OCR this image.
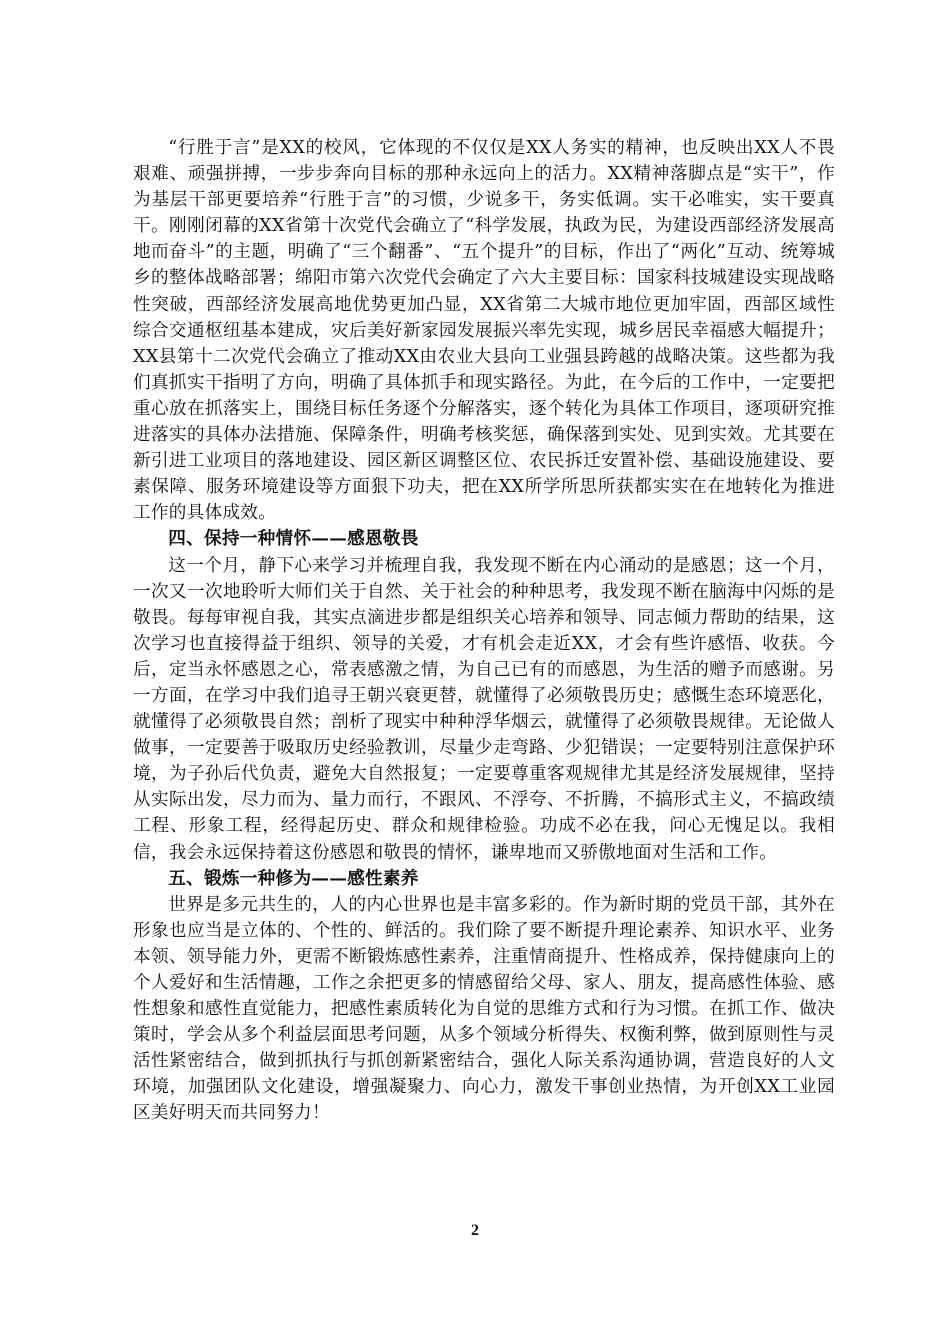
“行胜于言”是XX的校风，它体现的不仅仅是XX人务实的精神，也反映出XX人不畏艰难、顽强拼搏，一步步奔向目标的那种永远向上的活力。XX精神落脚点是“实干”，作为基层干部更要培养“行胜于言”的习惯，少说多干，务实低调。实干必唯实，实干要真干。刚刚闭幕的XX省第十次党代会确立了“科学发展，执政为民，为建设西部经济发展高地而奋斗”的主题，明确了“三个翻番”、“五个提升”的目标，作出了“两化”互动、统筹城乡的整体战略部署；绵阳市第六次党代会确定了六大主要目标：国家科技城建设实现战略性突破，西部经济发展高地优势更加凸显，XX省第二大城市地位更加牢固，西部区域性综合交通枢纽基本建成，灾后美好新家园发展振兴率先实现，城乡居民幸福感大幅提升；XX县第十二次党代会确立了推动XX由农业大县向工业强县跨越的战略决策。这些都为我们真抓实干指明了方向，明确了具体抓手和现实路径。为此，在今后的工作中，一定要把重心放在抓落实上，围绕目标任务逐个分解落实，逐个转化为具体工作项目，逐项研究推进落实的具体办法措施、保障条件，明确考核奖惩，确保落到实处、见到实效。尤其要在新引进工业项目的落地建设、园区新区调整区位、农民拆迁安置补偿、基础设施建设、要素保障、服务环境建设等方面狠下功夫，把在XX所学所思所获都实实在在地转化为推进工作的具体成效。

四、保持一种情怀——感恩敬畏

这一个月，静下心来学习并梳理自我，我发现不断在内心涌动的是感恩；这一个月，一次又一次地聆听大师们关于自然、关于社会的种种思考，我发现不断在脑海中闪烁的是敬畏。每每审视自我，其实点滴进步都是组织关心培养和领导、同志倾力帮助的结果，这次学习也直接得益于组织、领导的关爱，才有机会走近XX，才会有些许感悟、收获。今后，定当永怀感恩之心，常表感激之情，为自己已有的而感恩，为生活的赠予而感谢。另一方面，在学习中我们追寻王朝兴衰更替，就懂得了必须敬畏历史；感慨生态环境恶化，就懂得了必须敬畏自然；剖析了现实中种种浮华烟云，就懂得了必须敬畏规律。无论做人做事，一定要善于吸取历史经验教训，尽量少走弯路、少犯错误；一定要特别注意保护环境，为子孙后代负责，避免大自然报复；一定要尊重客观规律尤其是经济发展规律，坚持从实际出发，尽力而为、量力而行，不跟风、不浮夸、不折腾，不搞形式主义，不搞政绩工程、形象工程，经得起历史、群众和规律检验。功成不必在我，问心无愧足以。我相信，我会永远保持着这份感恩和敬畏的情怀，谦卑地而又骄傲地面对生活和工作。

五、锻炼一种修为——感性素养

世界是多元共生的，人的内心世界也是丰富多彩的。作为新时期的党员干部，其外在形象也应当是立体的、个性的、鲜活的。我们除了要不断提升理论素养、知识水平、业务本领、领导能力外，更需不断锻炼感性素养，注重情商提升、性格成养，保持健康向上的个人爱好和生活情趣，工作之余把更多的情感留给父母、家人、朋友，提高感性体验、感性想象和感性直觉能力，把感性素质转化为自觉的思维方式和行为习惯。在抓工作、做决策时，学会从多个利益层面思考问题，从多个领域分析得失、权衡利弊，做到原则性与灵活性紧密结合，做到抓执行与抓创新紧密结合，强化人际关系沟通协调，营造良好的人文环境，加强团队文化建设，增强凝聚力、向心力，激发干事创业热情，为开创XX工业园区美好明天而共同努力！

2
